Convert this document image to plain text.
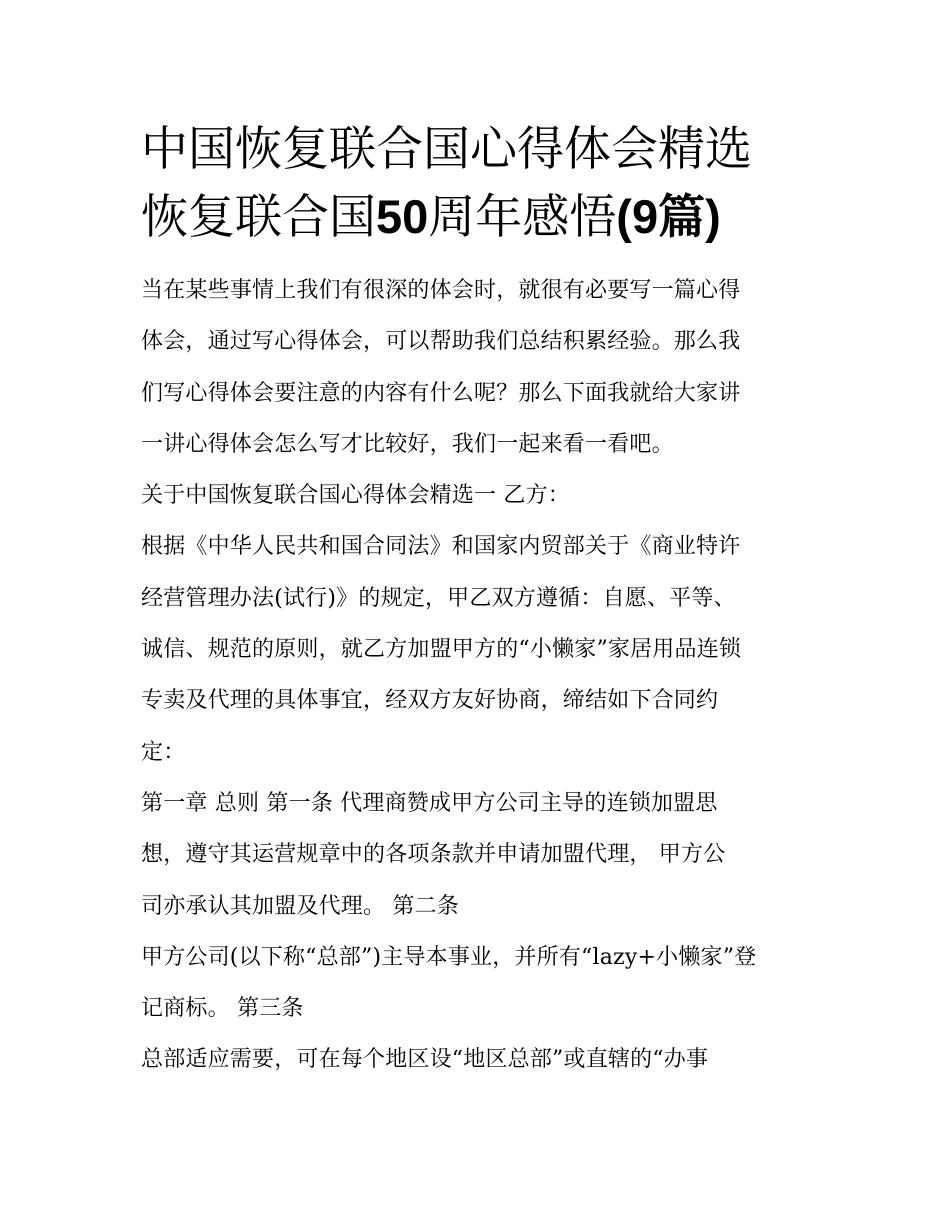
中国恢复联合国心得体会精选
恢复联合国50周年感悟(9篇)

当在某些事情上我们有很深的体会时，就很有必要写一篇心得
体会，通过写心得体会，可以帮助我们总结积累经验。那么我
们写心得体会要注意的内容有什么呢？那么下面我就给大家讲
一讲心得体会怎么写才比较好，我们一起来看一看吧。

关于中国恢复联合国心得体会精选一 乙方：

根据《中华人民共和国合同法》和国家内贸部关于《商业特许
经营管理办法(试行)》的规定，甲乙双方遵循：自愿、平等、
诚信、规范的原则，就乙方加盟甲方的“小懒家”家居用品连锁
专卖及代理的具体事宜，经双方友好协商，缔结如下合同约
定：

第一章 总则 第一条 代理商赞成甲方公司主导的连锁加盟思
想，遵守其运营规章中的各项条款并申请加盟代理， 甲方公
司亦承认其加盟及代理。 第二条

甲方公司(以下称“总部”)主导本事业，并所有“lazy+小懒家”登
记商标。 第三条

总部适应需要，可在每个地区设“地区总部”或直辖的“办事
